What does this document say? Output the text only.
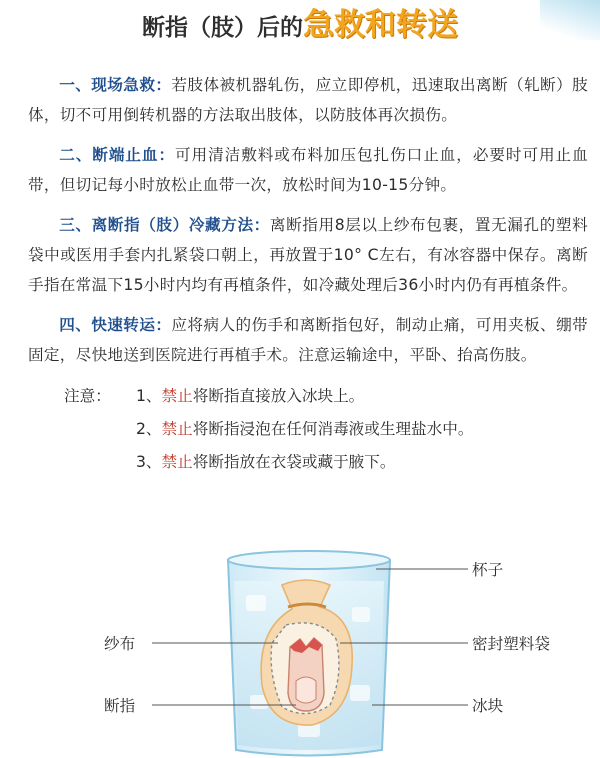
断指（肢）后的急救和转送

一、现场急救：若肢体被机器轧伤，应立即停机，迅速取出离断（轧断）肢体，切不可用倒转机器的方法取出肢体，以防肢体再次损伤。

二、断端止血：可用清洁敷料或布料加压包扎伤口止血，必要时可用止血带，但切记每小时放松止血带一次，放松时间为10-15分钟。

三、离断指（肢）冷藏方法：离断指用8层以上纱布包裹，置无漏孔的塑料袋中或医用手套内扎紧袋口朝上，再放置于10° C左右，有冰容器中保存。离断手指在常温下15小时内均有再植条件，如冷藏处理后36小时内仍有再植条件。

四、快速转运：应将病人的伤手和离断指包好，制动止痛，可用夹板、绷带固定，尽快地送到医院进行再植手术。注意运输途中，平卧、抬高伤肢。

注意： 1、禁止将断指直接放入冰块上。
2、禁止将断指浸泡在任何消毒液或生理盐水中。
3、禁止将断指放在衣袋或藏于腋下。
杯子
密封塑料袋
纱布
断指	冰块
